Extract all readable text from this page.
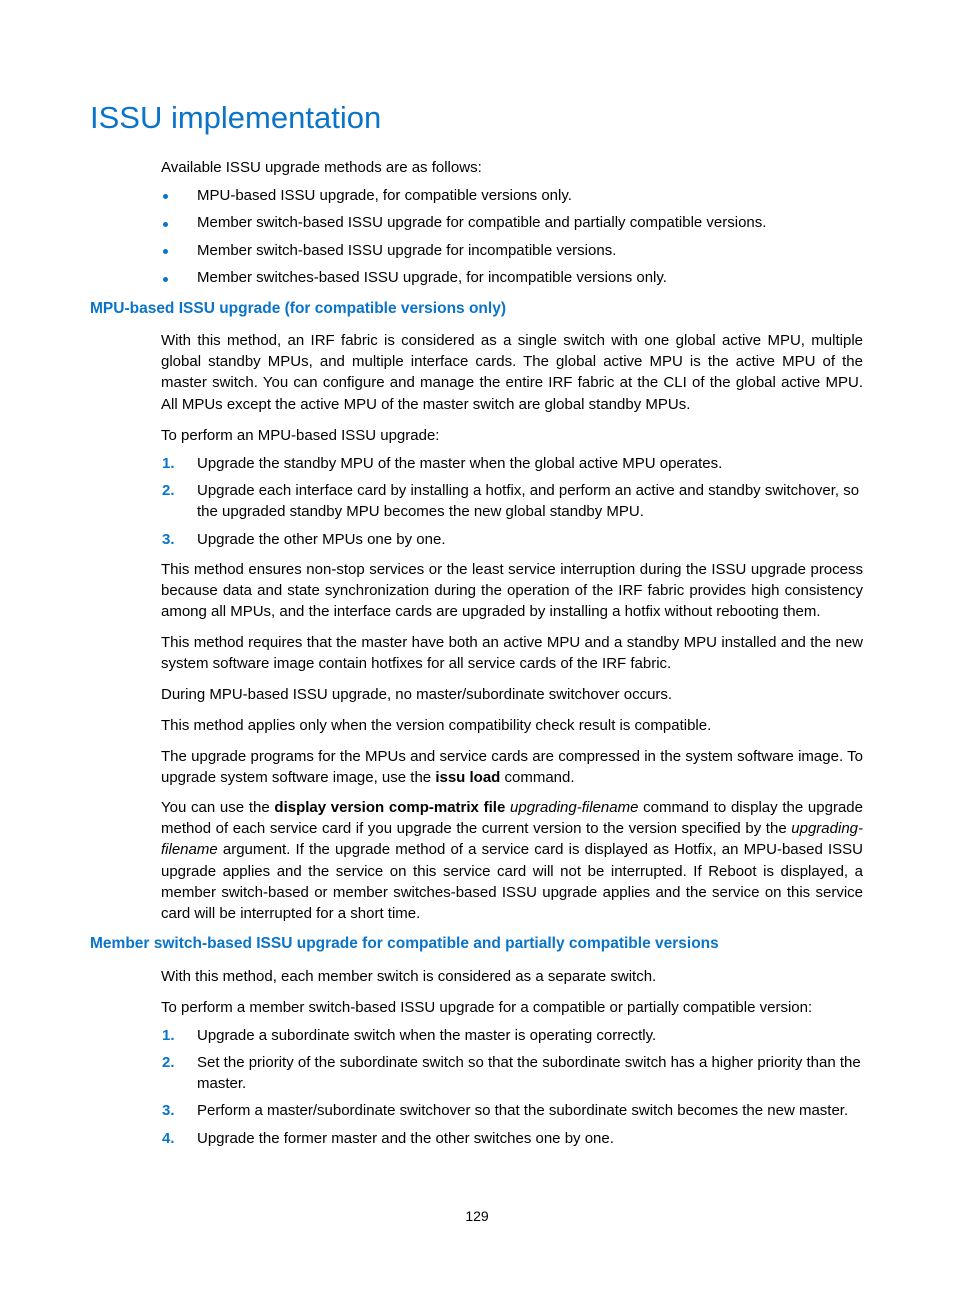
ISSU implementation

Available ISSU upgrade methods are as follows:

MPU-based ISSU upgrade, for compatible versions only.
Member switch-based ISSU upgrade for compatible and partially compatible versions.
Member switch-based ISSU upgrade for incompatible versions.
Member switches-based ISSU upgrade, for incompatible versions only.
MPU-based ISSU upgrade (for compatible versions only)

With this method, an IRF fabric is considered as a single switch with one global active MPU, multiple global standby MPUs, and multiple interface cards. The global active MPU is the active MPU of the master switch. You can configure and manage the entire IRF fabric at the CLI of the global active MPU. All MPUs except the active MPU of the master switch are global standby MPUs.

To perform an MPU-based ISSU upgrade:

1. Upgrade the standby MPU of the master when the global active MPU operates.
2. Upgrade each interface card by installing a hotfix, and perform an active and standby switchover, so the upgraded standby MPU becomes the new global standby MPU.
3. Upgrade the other MPUs one by one.

This method ensures non-stop services or the least service interruption during the ISSU upgrade process because data and state synchronization during the operation of the IRF fabric provides high consistency among all MPUs, and the interface cards are upgraded by installing a hotfix without rebooting them.

This method requires that the master have both an active MPU and a standby MPU installed and the new system software image contain hotfixes for all service cards of the IRF fabric.

During MPU-based ISSU upgrade, no master/subordinate switchover occurs.

This method applies only when the version compatibility check result is compatible.

The upgrade programs for the MPUs and service cards are compressed in the system software image. To upgrade system software image, use the issu load command.

You can use the display version comp-matrix file upgrading-filename command to display the upgrade method of each service card if you upgrade the current version to the version specified by the upgrading-filename argument. If the upgrade method of a service card is displayed as Hotfix, an MPU-based ISSU upgrade applies and the service on this service card will not be interrupted. If Reboot is displayed, a member switch-based or member switches-based ISSU upgrade applies and the service on this service card will be interrupted for a short time.

Member switch-based ISSU upgrade for compatible and partially compatible versions

With this method, each member switch is considered as a separate switch.

To perform a member switch-based ISSU upgrade for a compatible or partially compatible version:

1. Upgrade a subordinate switch when the master is operating correctly.
2. Set the priority of the subordinate switch so that the subordinate switch has a higher priority than the master.
3. Perform a master/subordinate switchover so that the subordinate switch becomes the new master.
4. Upgrade the former master and the other switches one by one.
129
